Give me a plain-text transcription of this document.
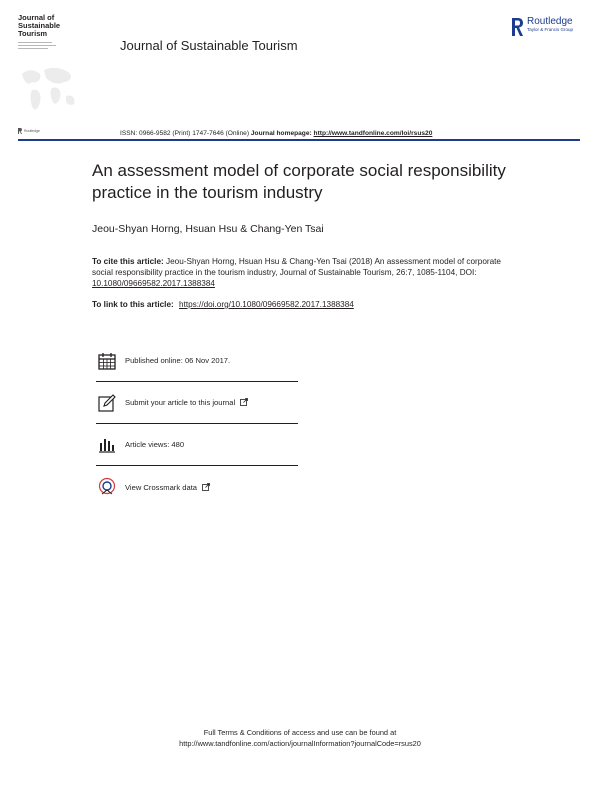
Journal of Sustainable Tourism
Journal of Sustainable Tourism
Routledge
Taylor & Francis Group
Routledge	ISSN: 0966-9582 (Print) 1747-7646 (Online) Journal homepage: http://www.tandfonline.com/loi/rsus20
An assessment model of corporate social responsibility practice in the tourism industry
Jeou-Shyan Horng, Hsuan Hsu & Chang-Yen Tsai
To cite this article: Jeou-Shyan Horng, Hsuan Hsu & Chang-Yen Tsai (2018) An assessment model of corporate social responsibility practice in the tourism industry, Journal of Sustainable Tourism, 26:7, 1085-1104, DOI: 10.1080/09669582.2017.1388384
To link to this article: https://doi.org/10.1080/09669582.2017.1388384
Published online: 06 Nov 2017.
Submit your article to this journal
Article views: 480
View Crossmark data
Full Terms & Conditions of access and use can be found at
http://www.tandfonline.com/action/journalInformation?journalCode=rsus20
